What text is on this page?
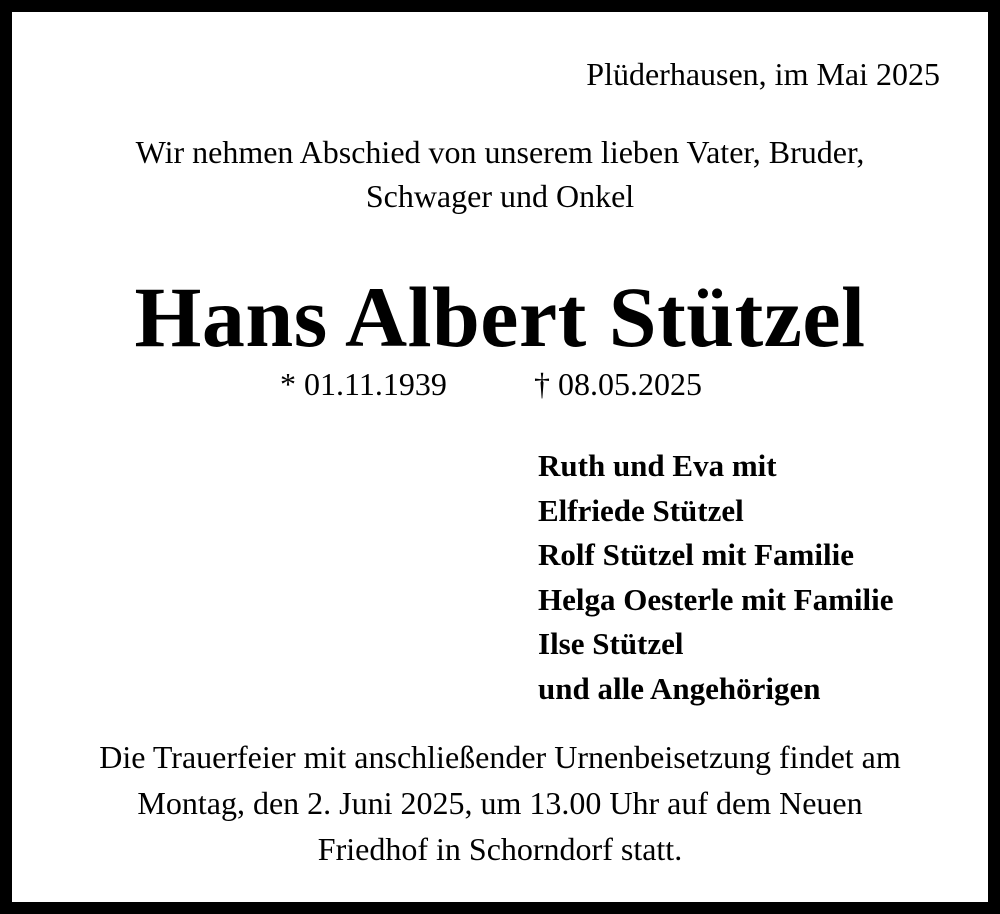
Plüderhausen, im Mai 2025
Wir nehmen Abschied von unserem lieben Vater, Bruder,
Schwager und Onkel
Hans Albert Stützel
* 01.11.1939	† 08.05.2025
Ruth und Eva mit
Elfriede Stützel
Rolf Stützel mit Familie
Helga Oesterle mit Familie
Ilse Stützel
und alle Angehörigen
Die Trauerfeier mit anschließender Urnenbeisetzung findet am
Montag, den 2. Juni 2025, um 13.00 Uhr auf dem Neuen
Friedhof in Schorndorf statt.
